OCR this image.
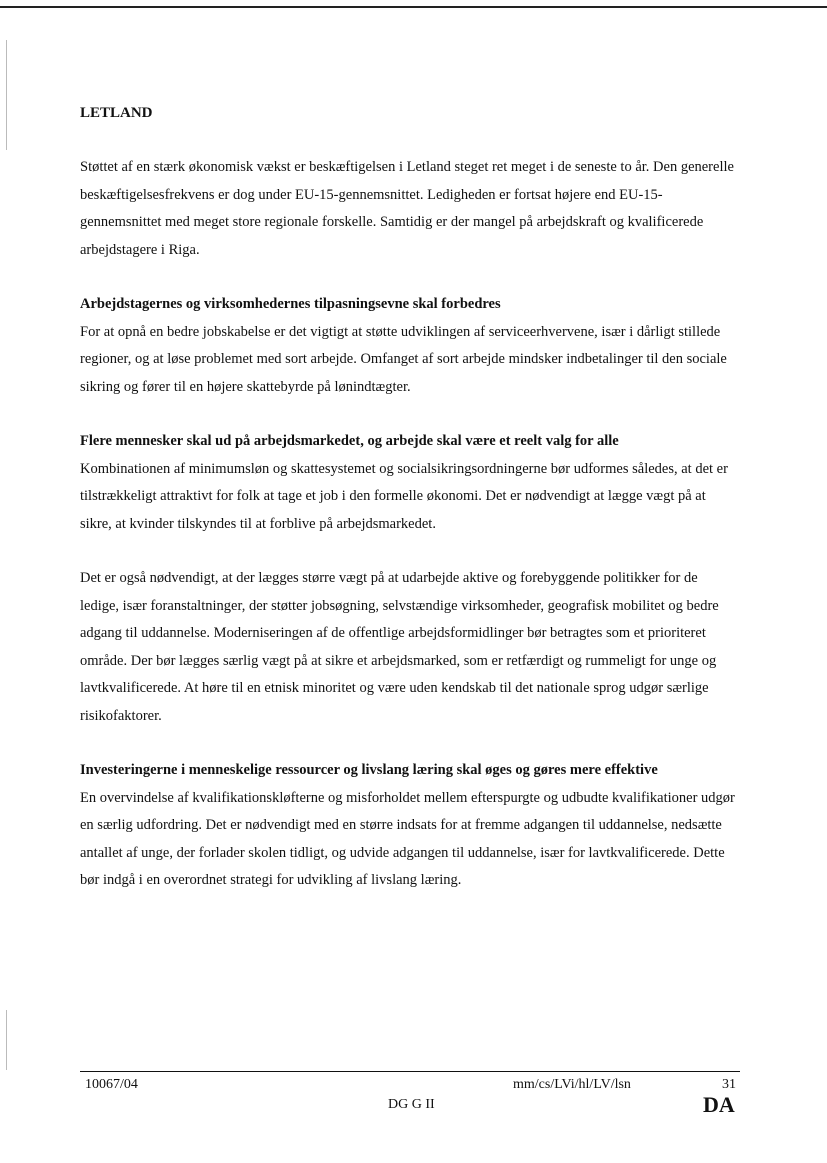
LETLAND

Støttet af en stærk økonomisk vækst er beskæftigelsen i Letland steget ret meget i de seneste to år. Den generelle beskæftigelsesfrekvens er dog under EU-15-gennemsnittet. Ledigheden er fortsat højere end EU-15-gennemsnittet med meget store regionale forskelle. Samtidig er der mangel på arbejdskraft og kvalificerede arbejdstagere i Riga.

Arbejdstagernes og virksomhedernes tilpasningsevne skal forbedres

For at opnå en bedre jobskabelse er det vigtigt at støtte udviklingen af serviceerhvervene, især i dårligt stillede regioner, og at løse problemet med sort arbejde. Omfanget af sort arbejde mindsker indbetalinger til den sociale sikring og fører til en højere skattebyrde på lønindtægter.

Flere mennesker skal ud på arbejdsmarkedet, og arbejde skal være et reelt valg for alle

Kombinationen af minimumsløn og skattesystemet og socialsikringsordningerne bør udformes således, at det er tilstrækkeligt attraktivt for folk at tage et job i den formelle økonomi. Det er nødvendigt at lægge vægt på at sikre, at kvinder tilskyndes til at forblive på arbejdsmarkedet.

Det er også nødvendigt, at der lægges større vægt på at udarbejde aktive og forebyggende politikker for de ledige, især foranstaltninger, der støtter jobsøgning, selvstændige virksomheder, geografisk mobilitet og bedre adgang til uddannelse. Moderniseringen af de offentlige arbejdsformidlinger bør betragtes som et prioriteret område. Der bør lægges særlig vægt på at sikre et arbejdsmarked, som er retfærdigt og rummeligt for unge og lavtkvalificerede. At høre til en etnisk minoritet og være uden kendskab til det nationale sprog udgør særlige risikofaktorer.

Investeringerne i menneskelige ressourcer og livslang læring skal øges og gøres mere effektive

En overvindelse af kvalifikationskløfterne og misforholdet mellem efterspurgte og udbudte kvalifikationer udgør en særlig udfordring. Det er nødvendigt med en større indsats for at fremme adgangen til uddannelse, nedsætte antallet af unge, der forlader skolen tidligt, og udvide adgangen til uddannelse, især for lavtkvalificerede. Dette bør indgå i en overordnet strategi for udvikling af livslang læring.

10067/04	mm/cs/LVi/hl/LV/lsn	31
DG G II	DA
